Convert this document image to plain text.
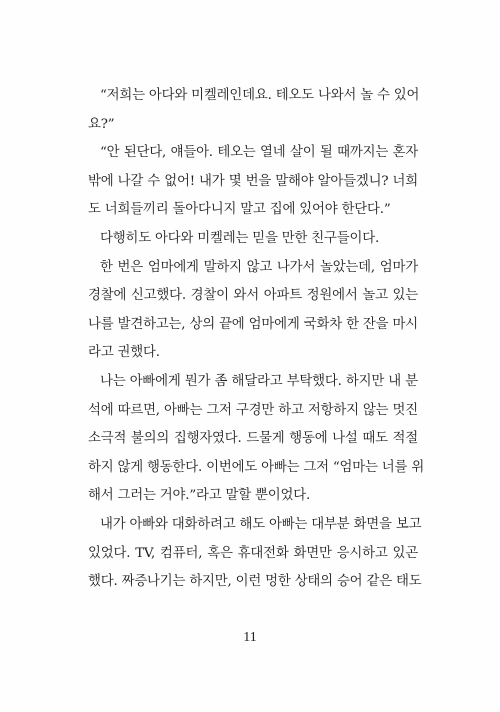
“저희는 아다와 미켈레인데요. 테오도 나와서 놀 수 있어
요?”
“안 된단다, 얘들아. 테오는 열네 살이 될 때까지는 혼자
밖에 나갈 수 없어! 내가 몇 번을 말해야 알아들겠니? 너희
도 너희들끼리 돌아다니지 말고 집에 있어야 한단다.”
다행히도 아다와 미켈레는 믿을 만한 친구들이다.
한 번은 엄마에게 말하지 않고 나가서 놀았는데, 엄마가
경찰에 신고했다. 경찰이 와서 아파트 정원에서 놀고 있는
나를 발견하고는, 상의 끝에 엄마에게 국화차 한 잔을 마시
라고 권했다.
나는 아빠에게 뭔가 좀 해달라고 부탁했다. 하지만 내 분
석에 따르면, 아빠는 그저 구경만 하고 저항하지 않는 멋진
소극적 불의의 집행자였다. 드물게 행동에 나설 때도 적절
하지 않게 행동한다. 이번에도 아빠는 그저 “엄마는 너를 위
해서 그러는 거야.”라고 말할 뿐이었다.
내가 아빠와 대화하려고 해도 아빠는 대부분 화면을 보고
있었다. TV, 컴퓨터, 혹은 휴대전화 화면만 응시하고 있곤
했다. 짜증나기는 하지만, 이런 멍한 상태의 승어 같은 태도
11
